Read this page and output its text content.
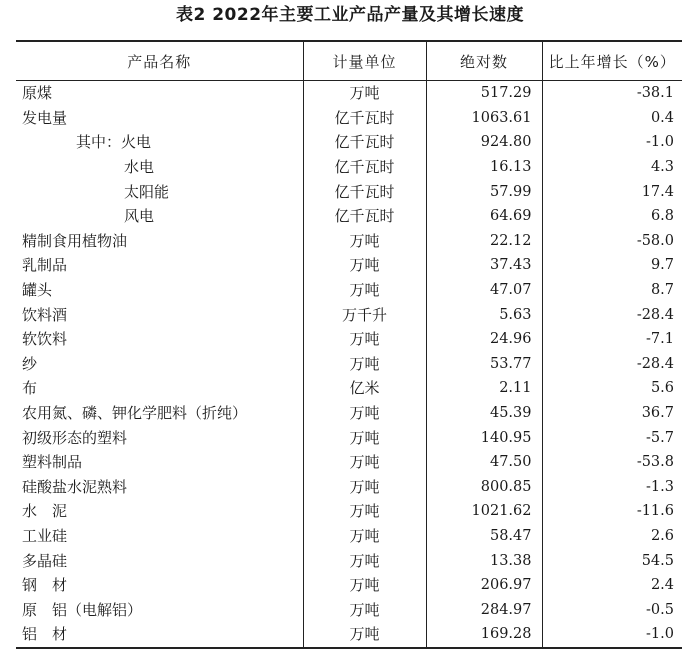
表2 2022年主要工业产品产量及其增长速度
产品名称	计量单位	绝对数	比上年增长（%）
原煤	万吨	517.29	-38.1
发电量	亿千瓦时	1063.61	0.4
其中：火电	亿千瓦时	924.80	-1.0
水电	亿千瓦时	16.13	4.3
太阳能	亿千瓦时	57.99	17.4
风电	亿千瓦时	64.69	6.8
精制食用植物油	万吨	22.12	-58.0
乳制品	万吨	37.43	9.7
罐头	万吨	47.07	8.7
饮料酒	万千升	5.63	-28.4
软饮料	万吨	24.96	-7.1
纱	万吨	53.77	-28.4
布	亿米	2.11	5.6
农用氮、磷、钾化学肥料（折纯）	万吨	45.39	36.7
初级形态的塑料	万吨	140.95	-5.7
塑料制品	万吨	47.50	-53.8
硅酸盐水泥熟料	万吨	800.85	-1.3
水　泥	万吨	1021.62	-11.6
工业硅	万吨	58.47	2.6
多晶硅	万吨	13.38	54.5
钢　材	万吨	206.97	2.4
原　铝（电解铝）	万吨	284.97	-0.5
铝　材	万吨	169.28	-1.0
